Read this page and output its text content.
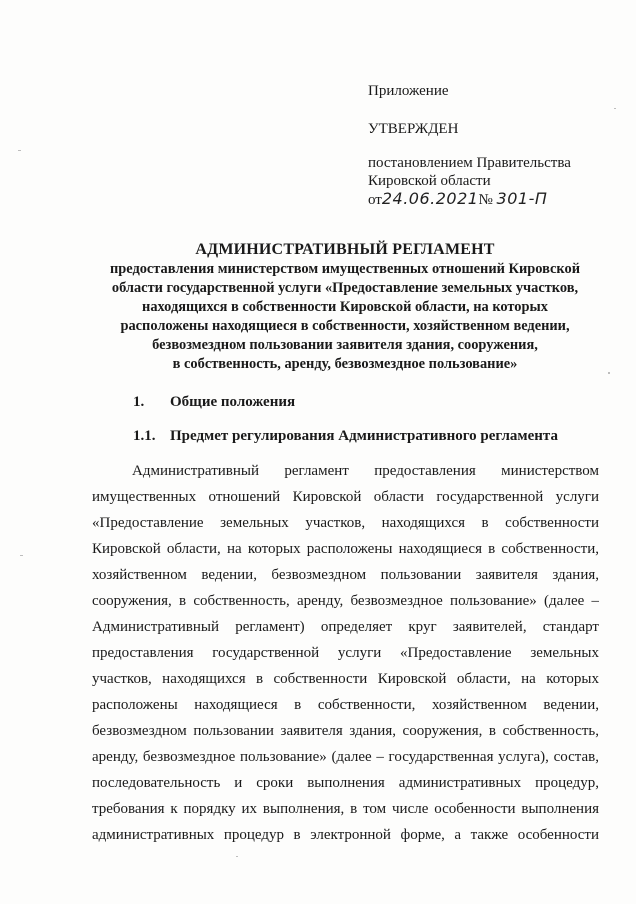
Приложение
УТВЕРЖДЕН
постановлением Правительства
Кировской области
от24.06.2021№ 301-П
АДМИНИСТРАТИВНЫЙ РЕГЛАМЕНТ
предоставления министерством имущественных отношений Кировской
области государственной услуги «Предоставление земельных участков,
находящихся в собственности Кировской области, на которых
расположены находящиеся в собственности, хозяйственном ведении,
безвозмездном пользовании заявителя здания, сооружения,
в собственность, аренду, безвозмездное пользование»
1. Общие положения
1.1. Предмет регулирования Административного регламента
Административный регламент предоставления министерством
имущественных отношений Кировской области государственной услуги
«Предоставление земельных участков, находящихся в собственности
Кировской области, на которых расположены находящиеся в собственности,
хозяйственном ведении, безвозмездном пользовании заявителя здания,
сооружения, в собственность, аренду, безвозмездное пользование» (далее –
Административный регламент) определяет круг заявителей, стандарт
предоставления государственной услуги «Предоставление земельных
участков, находящихся в собственности Кировской области, на которых
расположены находящиеся в собственности, хозяйственном ведении,
безвозмездном пользовании заявителя здания, сооружения, в собственность,
аренду, безвозмездное пользование» (далее – государственная услуга), состав,
последовательность и сроки выполнения административных процедур,
требования к порядку их выполнения, в том числе особенности выполнения
административных процедур в электронной форме, а также особенности
